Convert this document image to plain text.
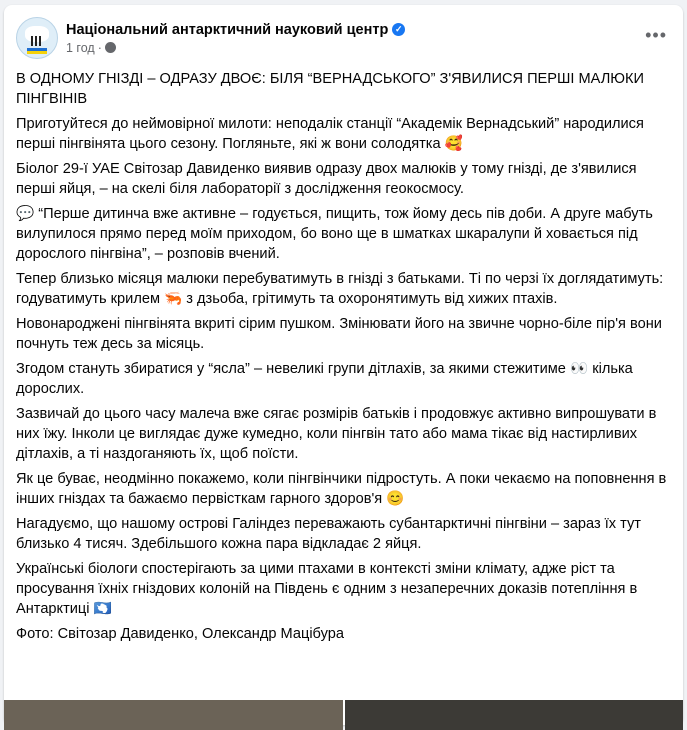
Національний антарктичний науковий центр ✓
1 год ·
•••

В ОДНОМУ ГНІЗДІ – ОДРАЗУ ДВОЄ: БІЛЯ “ВЕРНАДСЬКОГО” З'ЯВИЛИСЯ ПЕРШІ МАЛЮКИ ПІНГВІНІВ

Приготуйтеся до неймовірної милоти: неподалік станції “Академік Вернадський” народилися перші пінгвінята цього сезону. Погляньте, які ж вони солодятка 🥰

Біолог 29-ї УАЕ Світозар Давиденко виявив одразу двох малюків у тому гнізді, де з'явилися перші яйця, – на скелі біля лабораторії з дослідження геокосмосу.

💬 “Перше дитинча вже активне – годується, пищить, тож йому десь пів доби. А друге мабуть вилупилося прямо перед моїм приходом, бо воно ще в шматках шкаралупи й ховається під дорослого пінгвіна”, – розповів вчений.

Тепер близько місяця малюки перебуватимуть в гнізді з батьками. Ті по черзі їх доглядатимуть: годуватимуть крилем 🦐 з дзьоба, грітимуть та охоронятимуть від хижих птахів.

Новонароджені пінгвінята вкриті сірим пушком. Змінювати його на звичне чорно-біле пір'я вони почнуть теж десь за місяць.

Згодом стануть збиратися у “ясла” – невеликі групи дітлахів, за якими стежитиме 👀 кілька дорослих.

Зазвичай до цього часу малеча вже сягає розмірів батьків і продовжує активно випрошувати в них їжу. Інколи це виглядає дуже кумедно, коли пінгвін тато або мама тікає від настирливих дітлахів, а ті наздоганяють їх, щоб поїсти.

Як це буває, неодмінно покажемо, коли пінгвінчики підростуть. А поки чекаємо на поповнення в інших гніздах та бажаємо первісткам гарного здоров'я 😊

Нагадуємо, що нашому острові Галіндез переважають субантарктичні пінгвіни – зараз їх тут близько 4 тисяч. Здебільшого кожна пара відкладає 2 яйця.

Українські біологи спостерігають за цими птахами в контексті зміни клімату, адже ріст та просування їхніх гніздових колоній на Південь є одним з незаперечних доказів потепління в Антарктиці 🇦🇶

Фото: Світозар Давиденко, Олександр Мацібура
